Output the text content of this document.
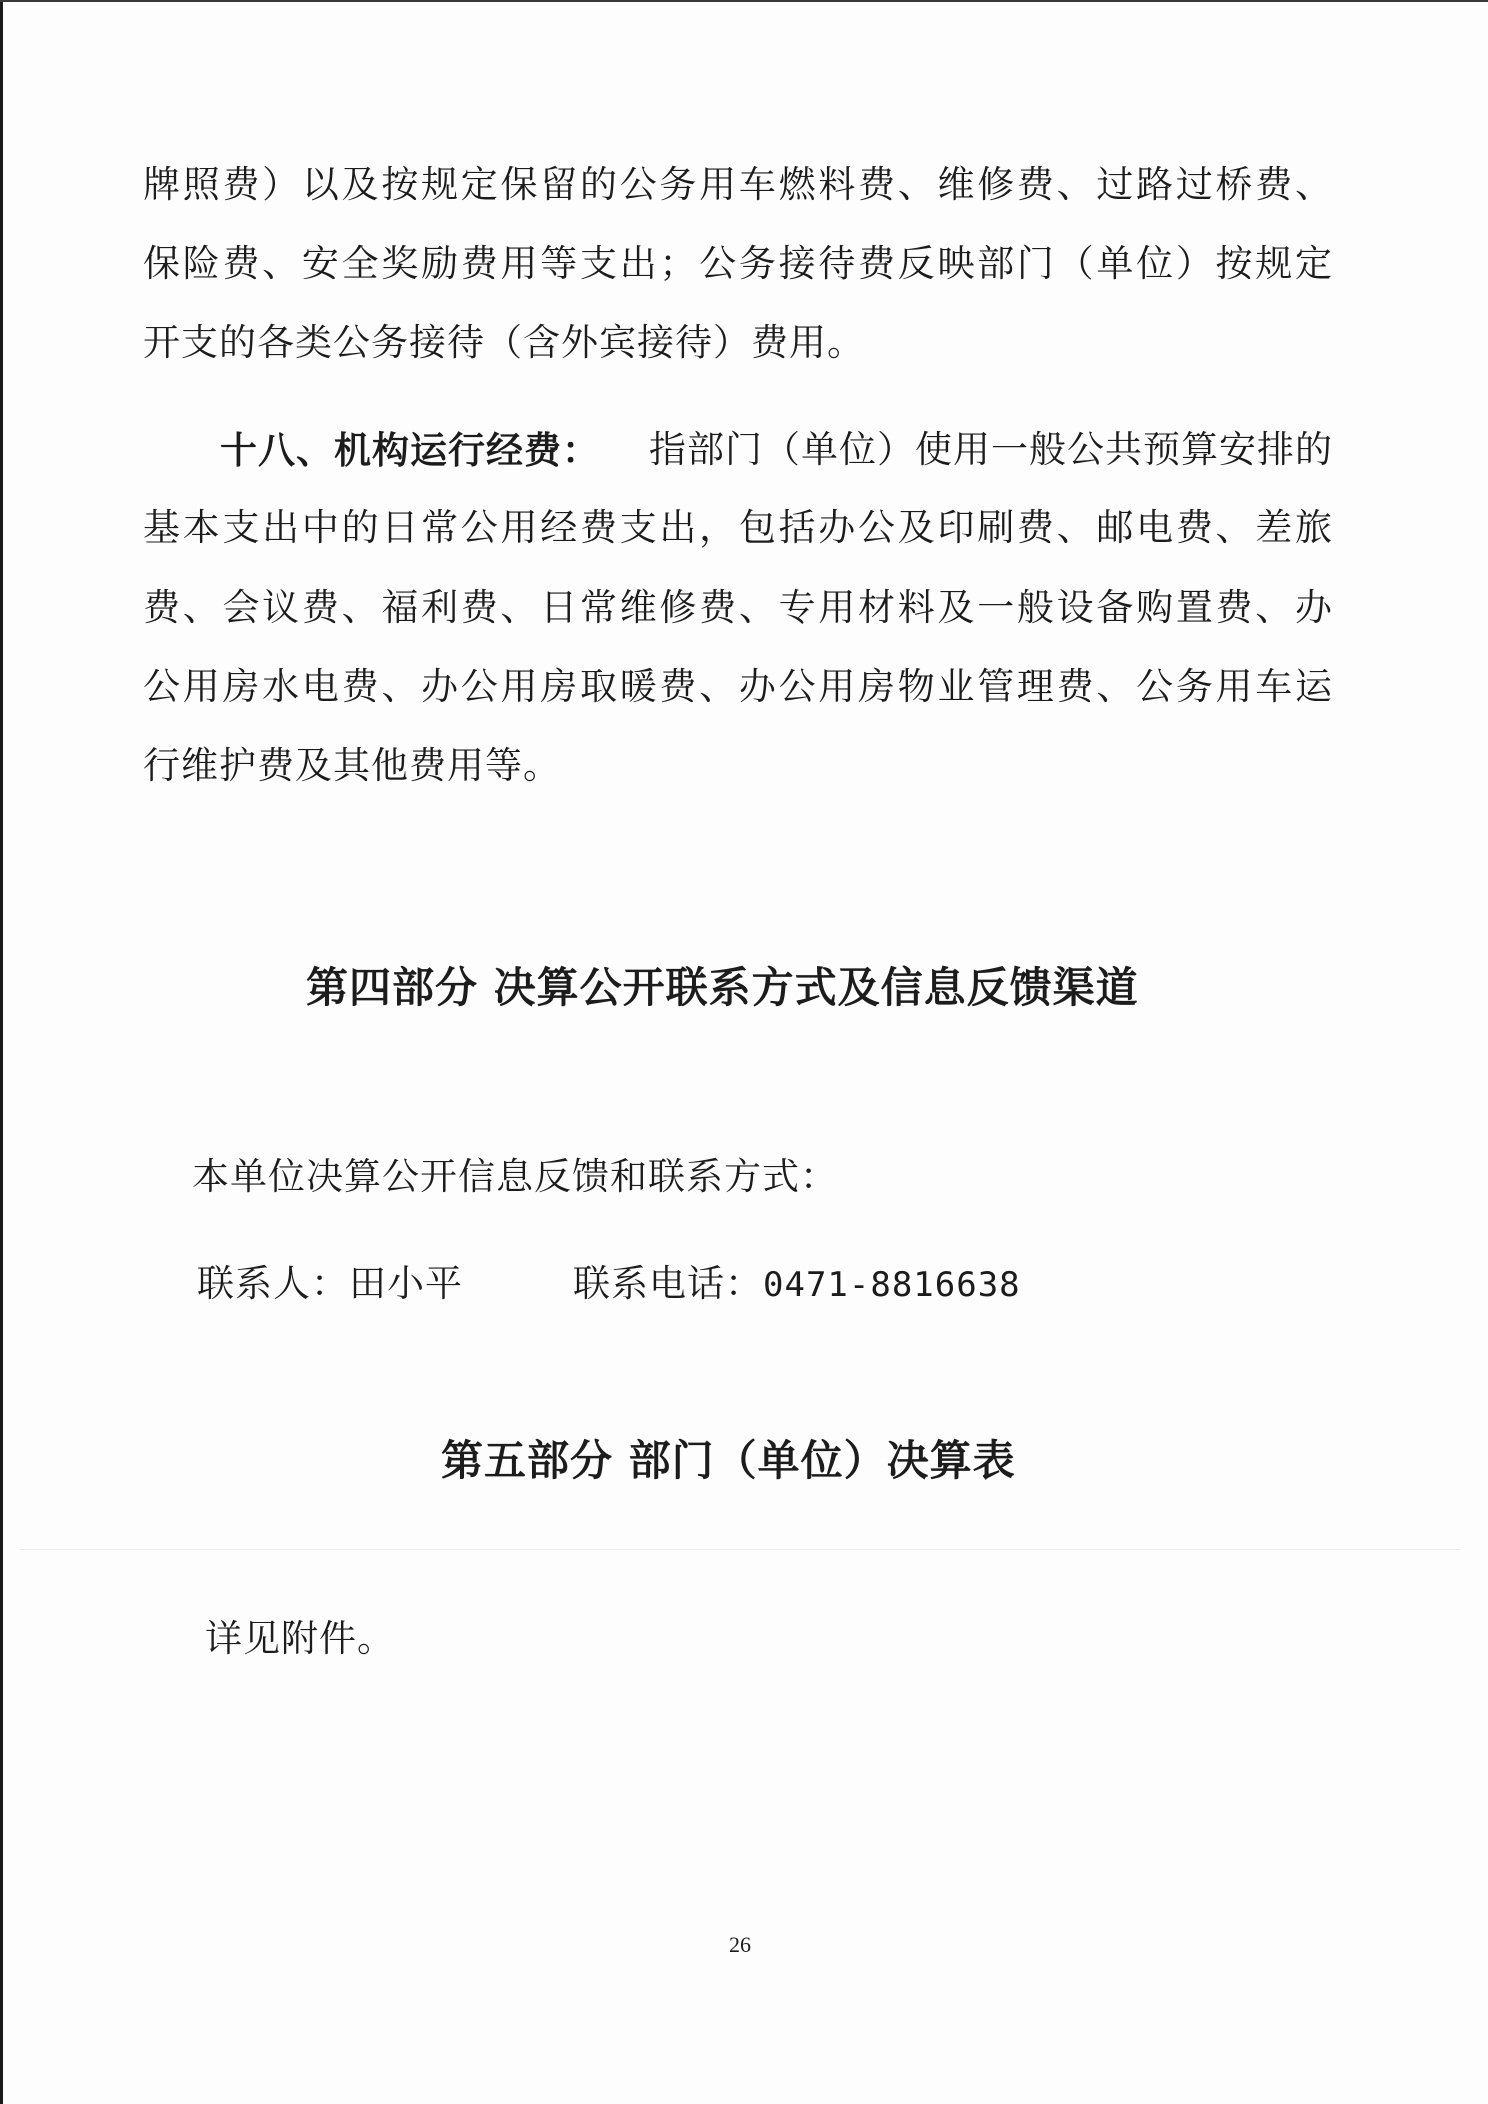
牌照费）以及按规定保留的公务用车燃料费、维修费、过路过桥费、
保险费、安全奖励费用等支出；公务接待费反映部门（单位）按规定
开支的各类公务接待（含外宾接待）费用。
十八、机构运行经费： 指部门（单位）使用一般公共预算安排的
基本支出中的日常公用经费支出，包括办公及印刷费、邮电费、差旅
费、会议费、福利费、日常维修费、专用材料及一般设备购置费、办
公用房水电费、办公用房取暖费、办公用房物业管理费、公务用车运
行维护费及其他费用等。
第四部分 决算公开联系方式及信息反馈渠道
本单位决算公开信息反馈和联系方式：
联系人：田小平	联系电话：0471-8816638
第五部分 部门（单位）决算表
详见附件。
26
